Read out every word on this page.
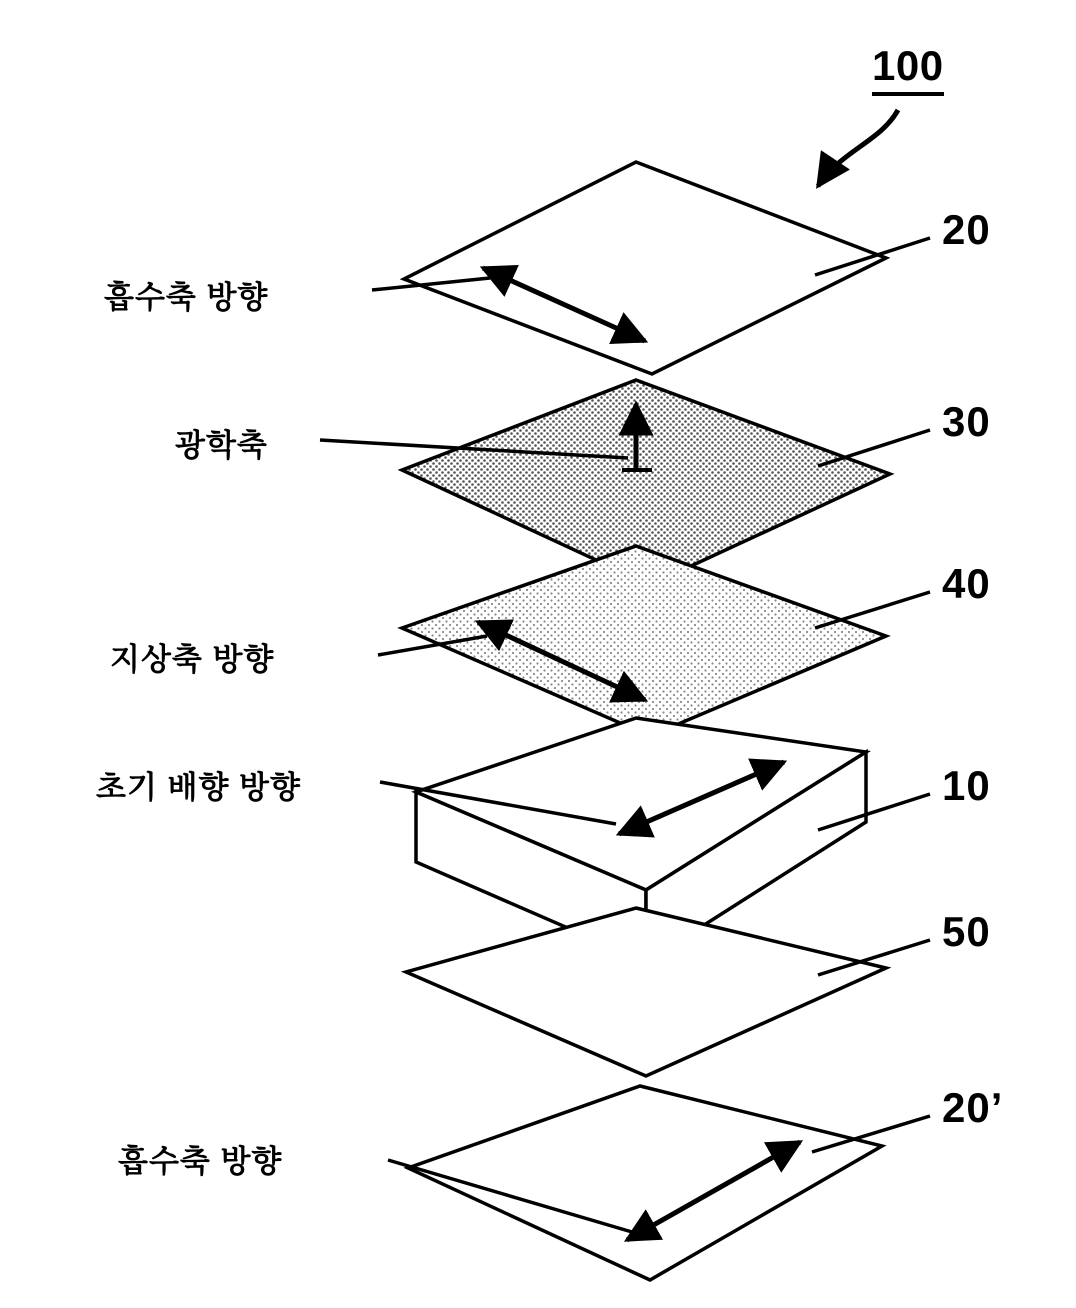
100
흡수축 방향
광학축
지상축 방향
초기 배향 방향
흡수축 방향
20
30
40
10
50
20’
